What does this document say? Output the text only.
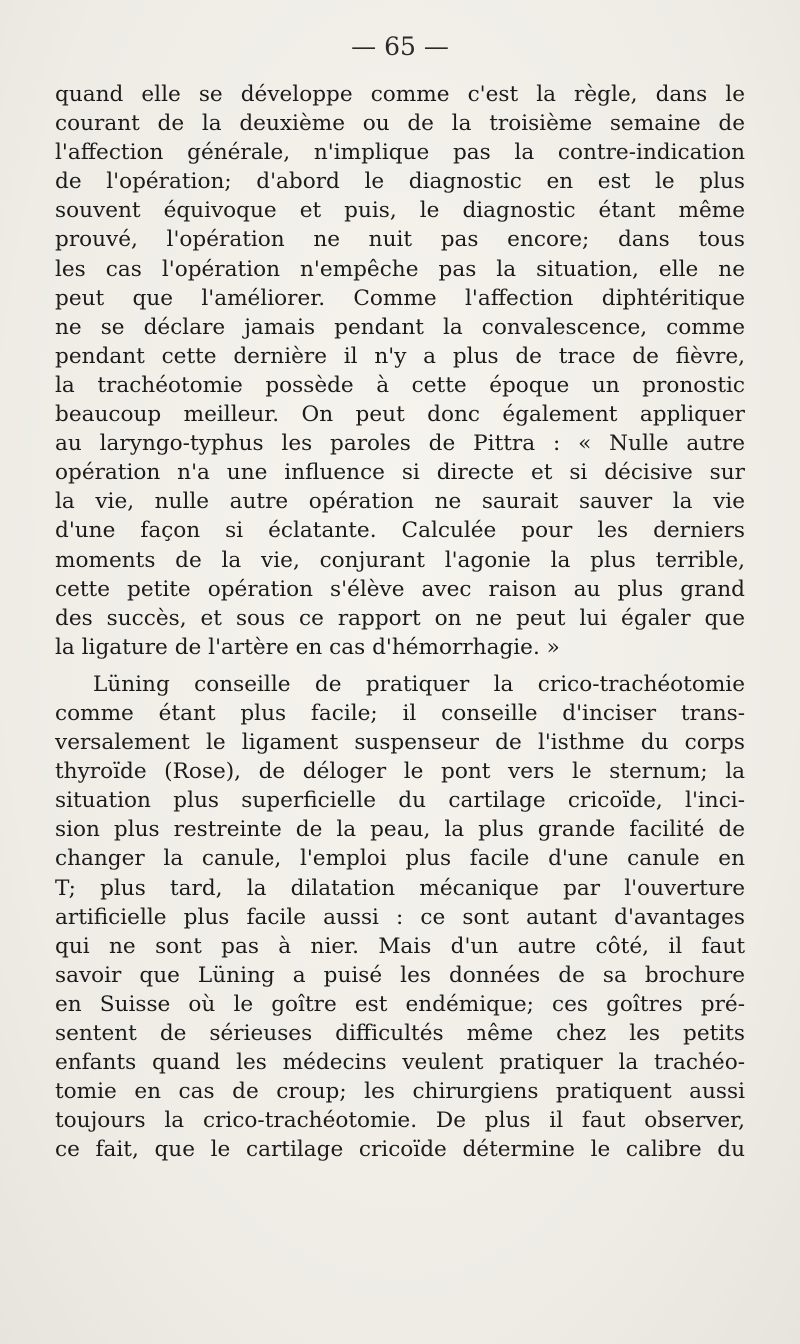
— 65 —
quand elle se développe comme c'est la règle, dans le
courant de la deuxième ou de la troisième semaine de
l'affection générale, n'implique pas la contre-indication
de l'opération; d'abord le diagnostic en est le plus
souvent équivoque et puis, le diagnostic étant même
prouvé, l'opération ne nuit pas encore; dans tous
les cas l'opération n'empêche pas la situation, elle ne
peut que l'améliorer. Comme l'affection diphtéritique
ne se déclare jamais pendant la convalescence, comme
pendant cette dernière il n'y a plus de trace de fièvre,
la trachéotomie possède à cette époque un pronostic
beaucoup meilleur. On peut donc également appliquer
au laryngo-typhus les paroles de Pittra : « Nulle autre
opération n'a une influence si directe et si décisive sur
la vie, nulle autre opération ne saurait sauver la vie
d'une façon si éclatante. Calculée pour les derniers
moments de la vie, conjurant l'agonie la plus terrible,
cette petite opération s'élève avec raison au plus grand
des succès, et sous ce rapport on ne peut lui égaler que
la ligature de l'artère en cas d'hémorrhagie. »
Lüning conseille de pratiquer la crico-trachéotomie
comme étant plus facile; il conseille d'inciser trans-
versalement le ligament suspenseur de l'isthme du corps
thyroïde (Rose), de déloger le pont vers le sternum; la
situation plus superficielle du cartilage cricoïde, l'inci-
sion plus restreinte de la peau, la plus grande facilité de
changer la canule, l'emploi plus facile d'une canule en
T; plus tard, la dilatation mécanique par l'ouverture
artificielle plus facile aussi : ce sont autant d'avantages
qui ne sont pas à nier. Mais d'un autre côté, il faut
savoir que Lüning a puisé les données de sa brochure
en Suisse où le goître est endémique; ces goîtres pré-
sentent de sérieuses difficultés même chez les petits
enfants quand les médecins veulent pratiquer la trachéo-
tomie en cas de croup; les chirurgiens pratiquent aussi
toujours la crico-trachéotomie. De plus il faut observer,
ce fait, que le cartilage cricoïde détermine le calibre du
